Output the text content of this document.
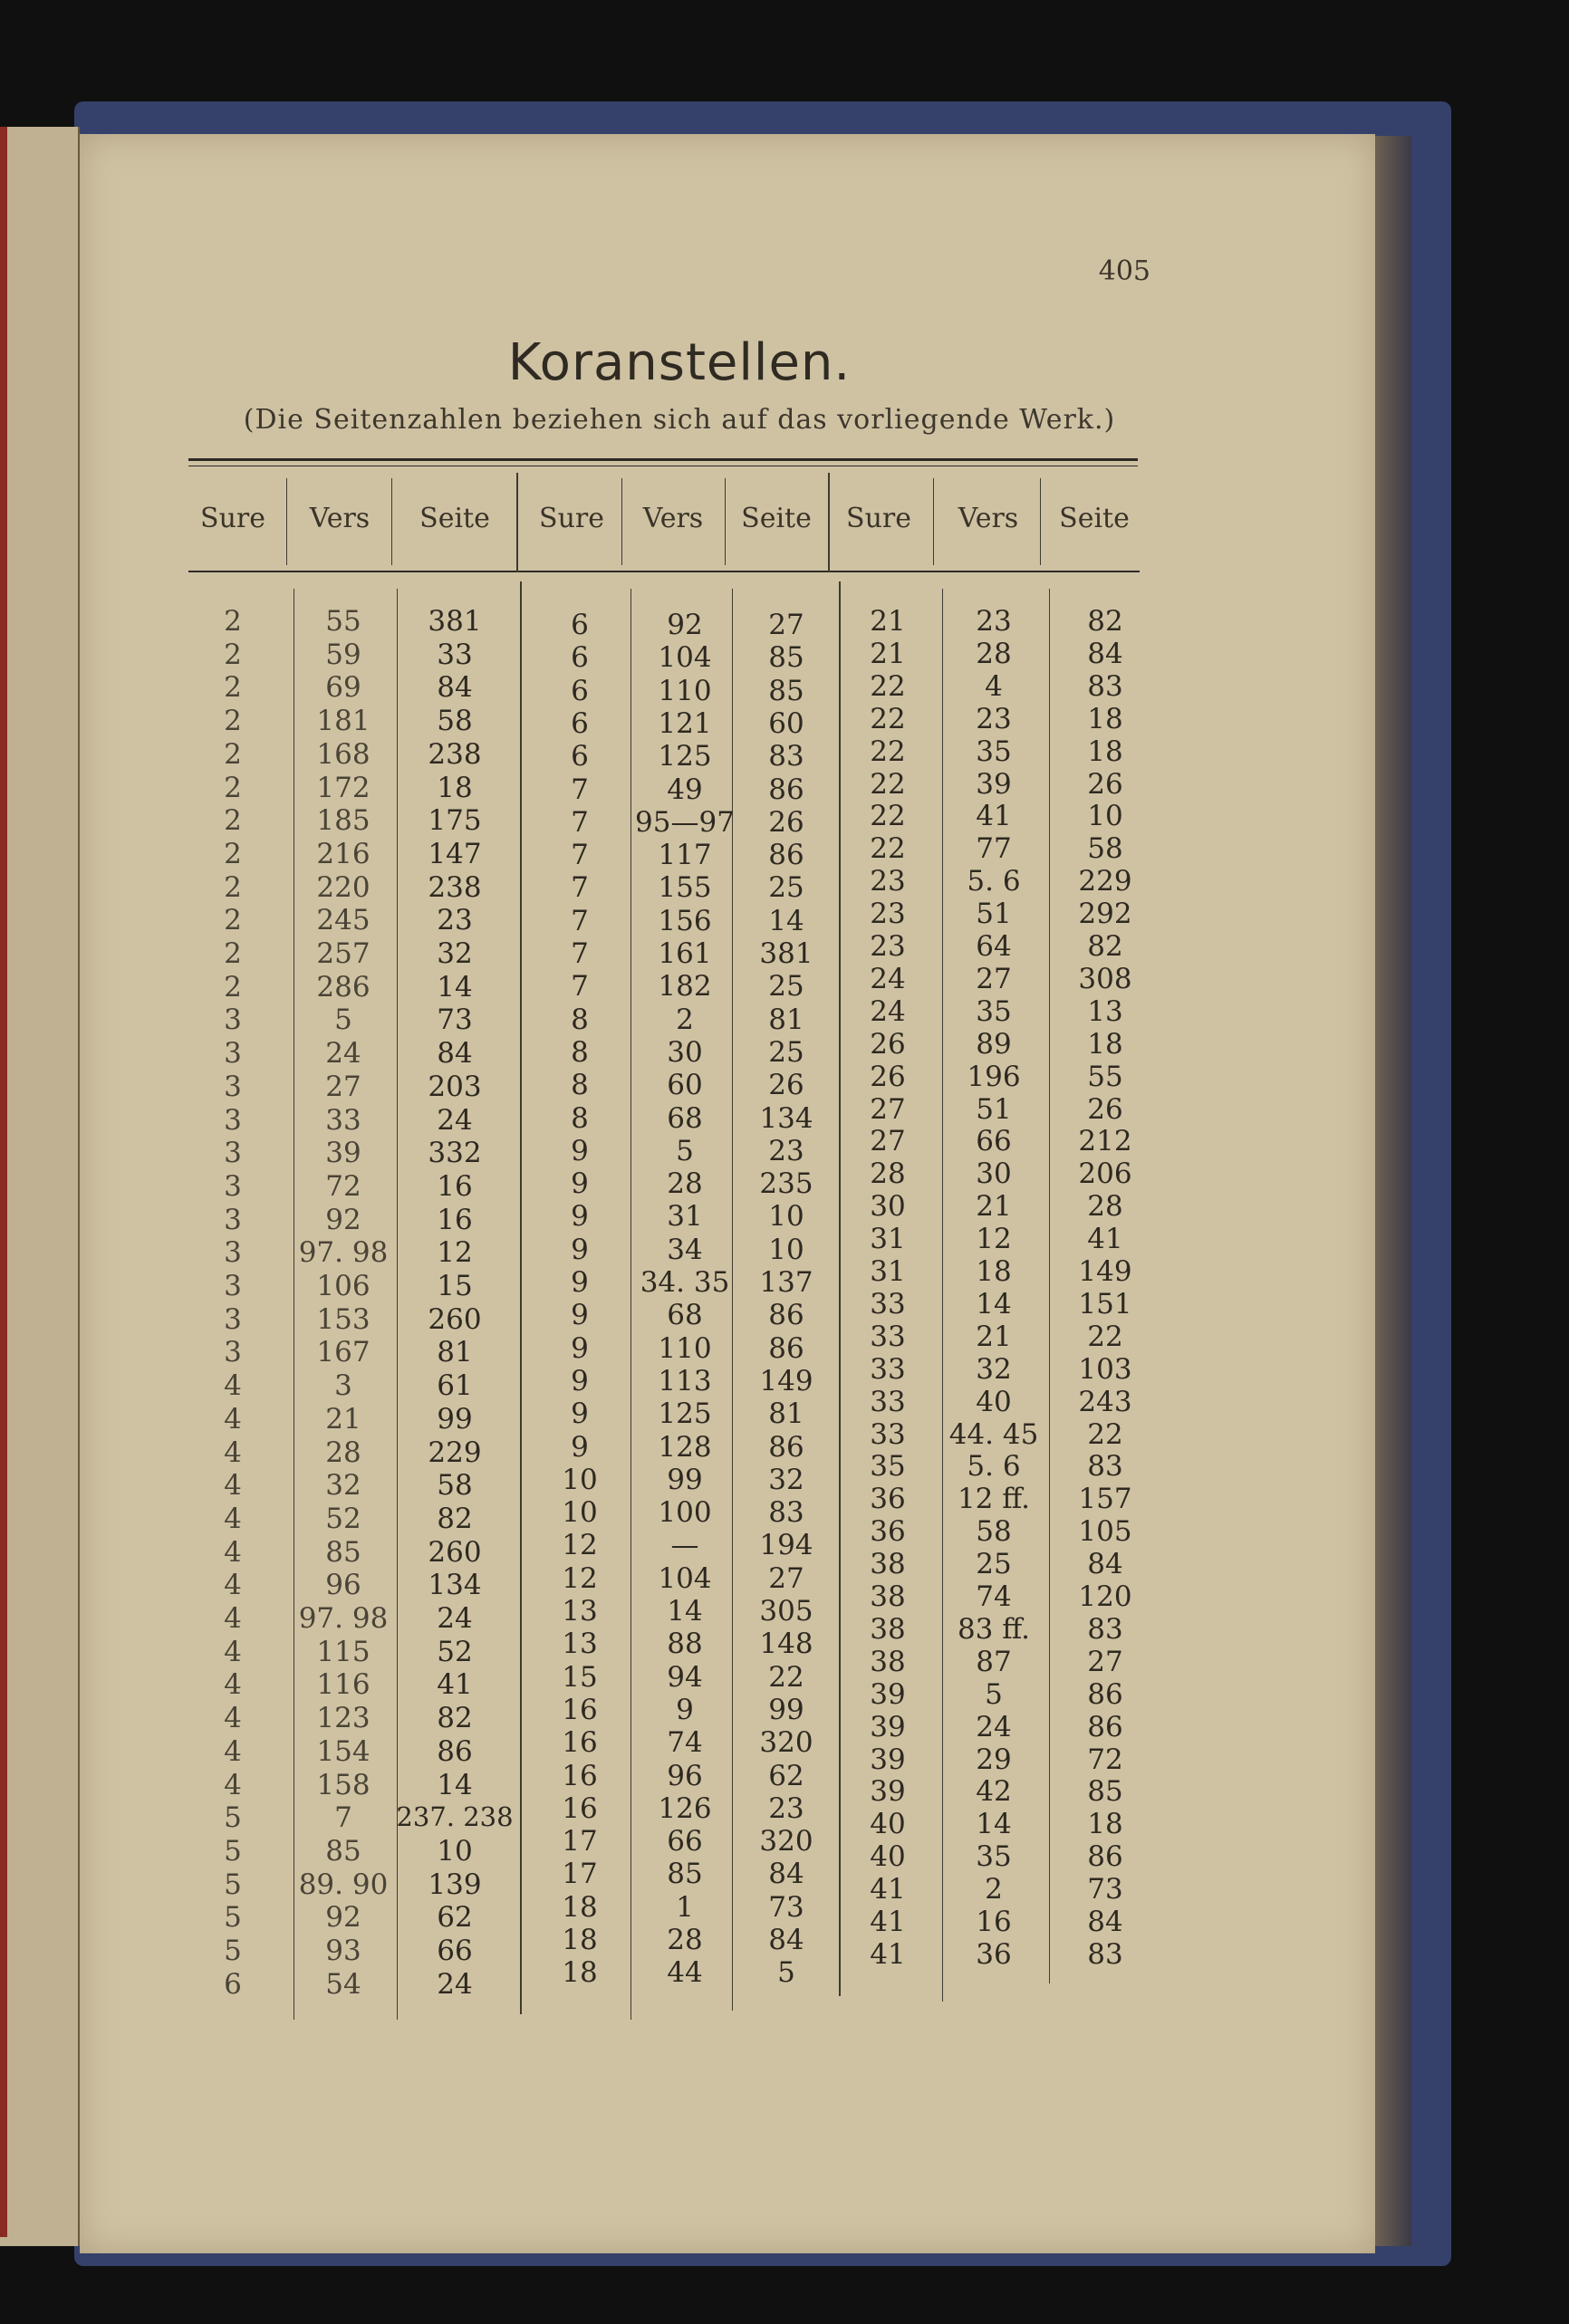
405
Koranstellen.
(Die Seitenzahlen beziehen sich auf das vorliegende Werk.)
Sure	Vers	Seite	Sure	Vers	Seite	Sure	Vers	Seite
2	55	381
2	59	33
2	69	84
2	181	58
2	168	238
2	172	18
2	185	175
2	216	147
2	220	238
2	245	23
2	257	32
2	286	14
3	5	73
3	24	84
3	27	203
3	33	24
3	39	332
3	72	16
3	92	16
3	97. 98	12
3	106	15
3	153	260
3	167	81
4	3	61
4	21	99
4	28	229
4	32	58
4	52	82
4	85	260
4	96	134
4	97. 98	24
4	115	52
4	116	41
4	123	82
4	154	86
4	158	14
5	7	237. 238
5	85	10
5	89. 90	139
5	92	62
5	93	66
6	54	24
6	92	27
6	104	85
6	110	85
6	121	60
6	125	83
7	49	86
7	95—97	26
7	117	86
7	155	25
7	156	14
7	161	381
7	182	25
8	2	81
8	30	25
8	60	26
8	68	134
9	5	23
9	28	235
9	31	10
9	34	10
9	34. 35	137
9	68	86
9	110	86
9	113	149
9	125	81
9	128	86
10	99	32
10	100	83
12	—	194
12	104	27
13	14	305
13	88	148
15	94	22
16	9	99
16	74	320
16	96	62
16	126	23
17	66	320
17	85	84
18	1	73
18	28	84
18	44	5
21	23	82
21	28	84
22	4	83
22	23	18
22	35	18
22	39	26
22	41	10
22	77	58
23	5. 6	229
23	51	292
23	64	82
24	27	308
24	35	13
26	89	18
26	196	55
27	51	26
27	66	212
28	30	206
30	21	28
31	12	41
31	18	149
33	14	151
33	21	22
33	32	103
33	40	243
33	44. 45	22
35	5. 6	83
36	12 ff.	157
36	58	105
38	25	84
38	74	120
38	83 ff.	83
38	87	27
39	5	86
39	24	86
39	29	72
39	42	85
40	14	18
40	35	86
41	2	73
41	16	84
41	36	83
